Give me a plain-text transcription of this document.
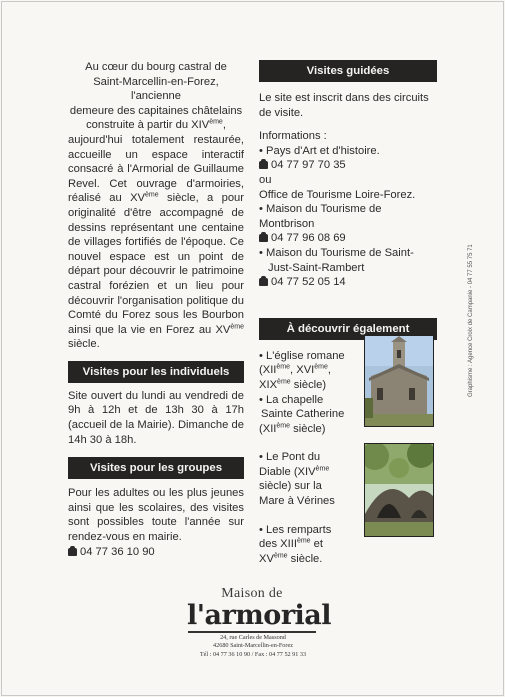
Au cœur du bourg castral de

Saint-Marcellin-en-Forez, l'ancienne

demeure des capitaines châtelains

construite à partir du XIVème,

aujourd'hui totalement restaurée, accueille un espace interactif consacré à l'Armorial de Guillaume Revel. Cet ouvrage d'armoiries, réalisé au XVème siècle, a pour originalité d'être accompagné de dessins représentant une centaine de villages fortifiés de l'époque. Ce nouvel espace est un point de départ pour découvrir le patrimoine castral forézien et un lieu pour découvrir l'organisation politique du Comté du Forez sous les Bourbon ainsi que la vie en Forez au XVème siècle.

Visites pour les individuels

Site ouvert du lundi au vendredi de 9h à 12h et de 13h 30 à 17h (accueil de la Mairie). Dimanche de 14h 30 à 18h.

Visites pour les groupes

Pour les adultes ou les plus jeunes ainsi que les scolaires, des visites sont possibles toute l'année sur rendez-vous en mairie.

04 77 36 10 90

Visites guidées

Le site est inscrit dans des circuits de visite.

Informations :

• Pays d'Art et d'histoire.

04 77 97 70 35

ou

Office de Tourisme Loire-Forez.

• Maison du Tourisme de Montbrison

04 77 96 08 69

• Maison du Tourisme de Saint-

Just-Saint-Rambert

04 77 52 05 14

À découvrir également

• L'église romane

(XIIème, XVIème,

XIXème siècle)

• La chapelle

Sainte Catherine

(XIIème siècle)

• Le Pont du

Diable (XIVème

siècle) sur la

Mare à Vérines

• Les remparts

des XIIIème et

XVème siècle.

Maison de
l'armorial
24, rue Carles de Massond
42680 Saint-Marcellin-en-Forez
Tél : 04 77 36 10 90 / Fax : 04 77 52 91 33
Graphisme : Agence Croix de Campanie - 04 77 55 75 71
